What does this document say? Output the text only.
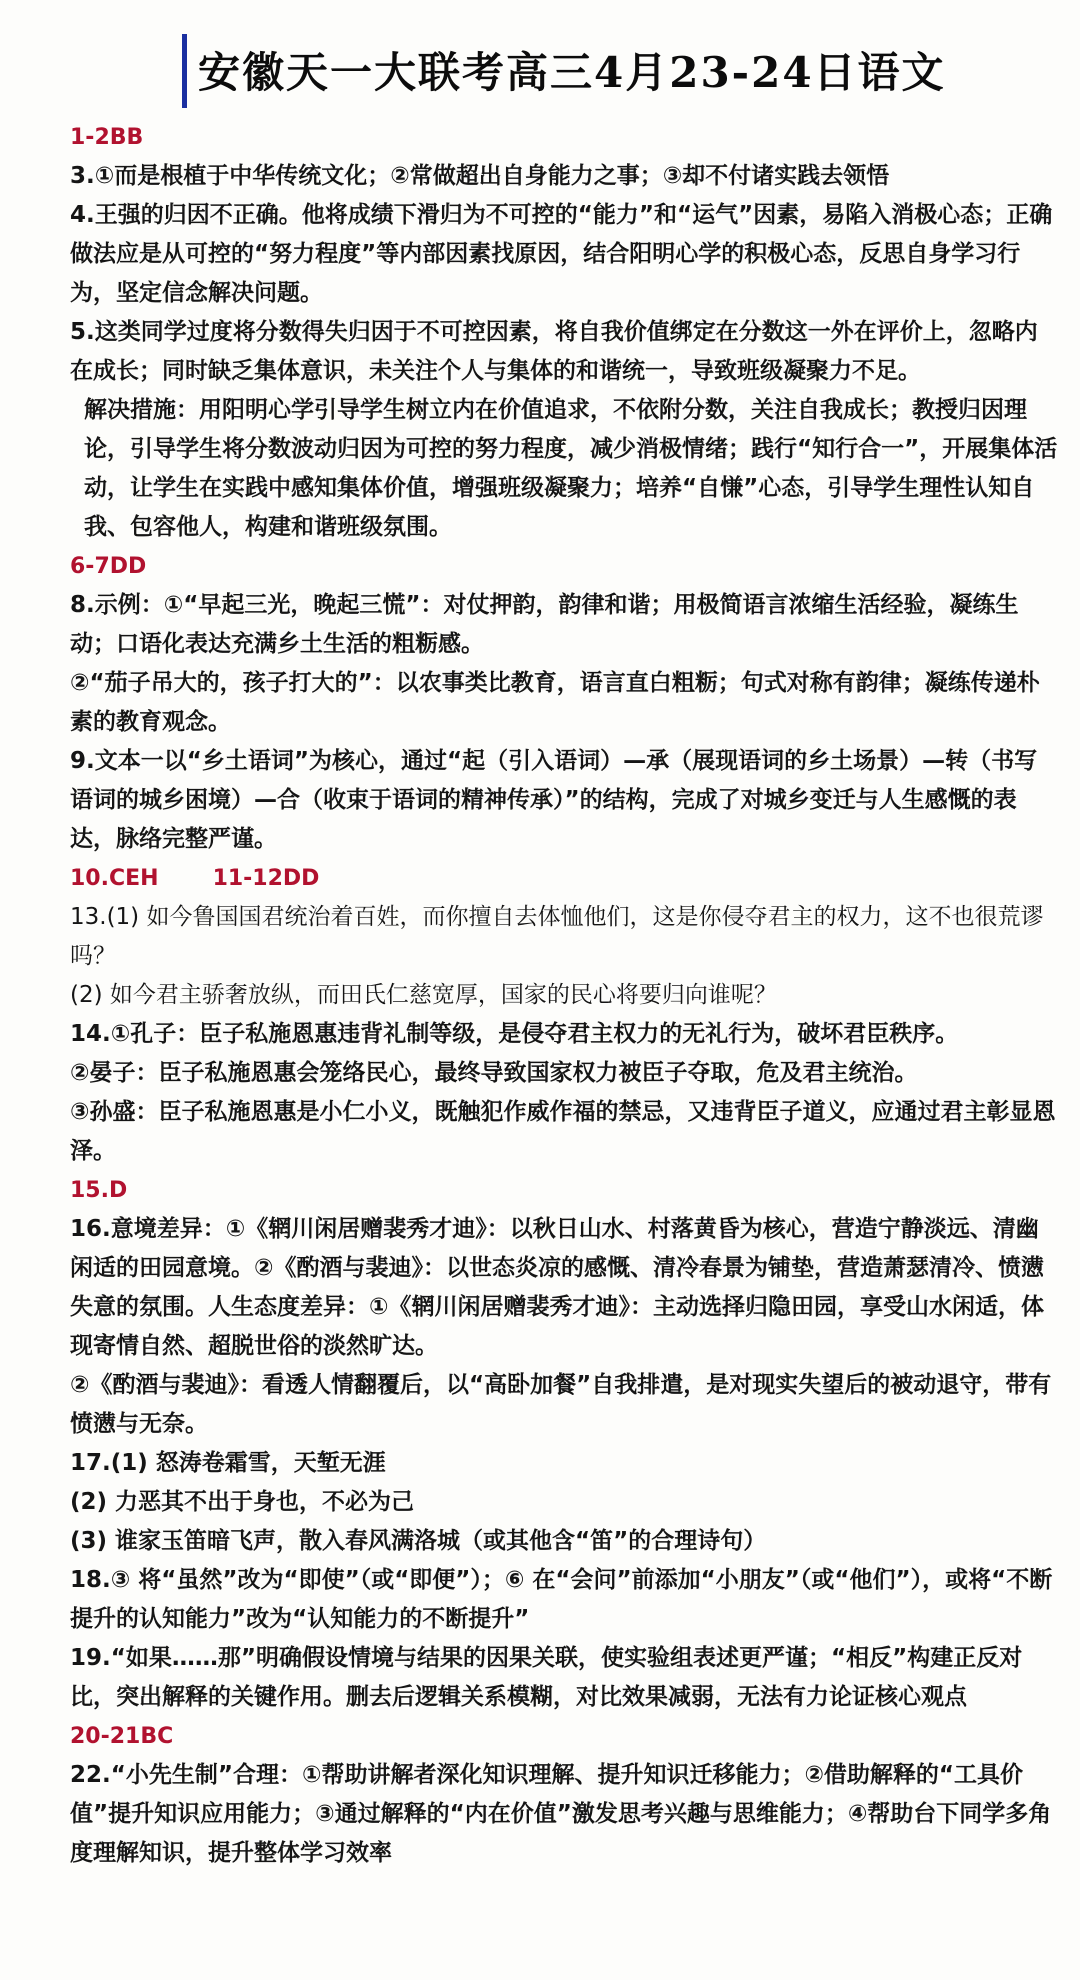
安徽天一大联考高三4月23-24日语文

1-2BB

3.①而是根植于中华传统文化；②常做超出自身能力之事；③却不付诸实践去领悟

4.王强的归因不正确。他将成绩下滑归为不可控的“能力”和“运气”因素，易陷入消极心态；正确做法应是从可控的“努力程度”等内部因素找原因，结合阳明心学的积极心态，反思自身学习行为，坚定信念解决问题。

5.这类同学过度将分数得失归因于不可控因素，将自我价值绑定在分数这一外在评价上，忽略内在成长；同时缺乏集体意识，未关注个人与集体的和谐统一，导致班级凝聚力不足。

解决措施：用阳明心学引导学生树立内在价值追求，不依附分数，关注自我成长；教授归因理论，引导学生将分数波动归因为可控的努力程度，减少消极情绪；践行“知行合一”，开展集体活动，让学生在实践中感知集体价值，增强班级凝聚力；培养“自慊”心态，引导学生理性认知自我、包容他人，构建和谐班级氛围。

6-7DD

8.示例：①“早起三光，晚起三慌”：对仗押韵，韵律和谐；用极简语言浓缩生活经验，凝练生动；口语化表达充满乡土生活的粗粝感。

②“茄子吊大的，孩子打大的”：以农事类比教育，语言直白粗粝；句式对称有韵律；凝练传递朴素的教育观念。

9.文本一以“乡土语词”为核心，通过“起（引入语词）—承（展现语词的乡土场景）—转（书写语词的城乡困境）—合（收束于语词的精神传承）”的结构，完成了对城乡变迁与人生感慨的表达，脉络完整严谨。

10.CEH 11-12DD

13.(1) 如今鲁国国君统治着百姓，而你擅自去体恤他们，这是你侵夺君主的权力，这不也很荒谬吗？

(2) 如今君主骄奢放纵，而田氏仁慈宽厚，国家的民心将要归向谁呢？

14.①孔子：臣子私施恩惠违背礼制等级，是侵夺君主权力的无礼行为，破坏君臣秩序。

②晏子：臣子私施恩惠会笼络民心，最终导致国家权力被臣子夺取，危及君主统治。

③孙盛：臣子私施恩惠是小仁小义，既触犯作威作福的禁忌，又违背臣子道义，应通过君主彰显恩泽。

15.D

16.意境差异：①《辋川闲居赠裴秀才迪》：以秋日山水、村落黄昏为核心，营造宁静淡远、清幽闲适的田园意境。②《酌酒与裴迪》：以世态炎凉的感慨、清冷春景为铺垫，营造萧瑟清冷、愤懑失意的氛围。人生态度差异：①《辋川闲居赠裴秀才迪》：主动选择归隐田园，享受山水闲适，体现寄情自然、超脱世俗的淡然旷达。

②《酌酒与裴迪》：看透人情翻覆后，以“高卧加餐”自我排遣，是对现实失望后的被动退守，带有愤懑与无奈。

17.(1) 怒涛卷霜雪，天堑无涯

(2) 力恶其不出于身也，不必为己

(3) 谁家玉笛暗飞声，散入春风满洛城（或其他含“笛”的合理诗句）

18.③ 将“虽然”改为“即使”（或“即便”）；⑥ 在“会问”前添加“小朋友”（或“他们”），或将“不断提升的认知能力”改为“认知能力的不断提升”

19.“如果……那”明确假设情境与结果的因果关联，使实验组表述更严谨；“相反”构建正反对比，突出解释的关键作用。删去后逻辑关系模糊，对比效果减弱，无法有力论证核心观点

20-21BC

22.“小先生制”合理：①帮助讲解者深化知识理解、提升知识迁移能力；②借助解释的“工具价值”提升知识应用能力；③通过解释的“内在价值”激发思考兴趣与思维能力；④帮助台下同学多角度理解知识，提升整体学习效率
